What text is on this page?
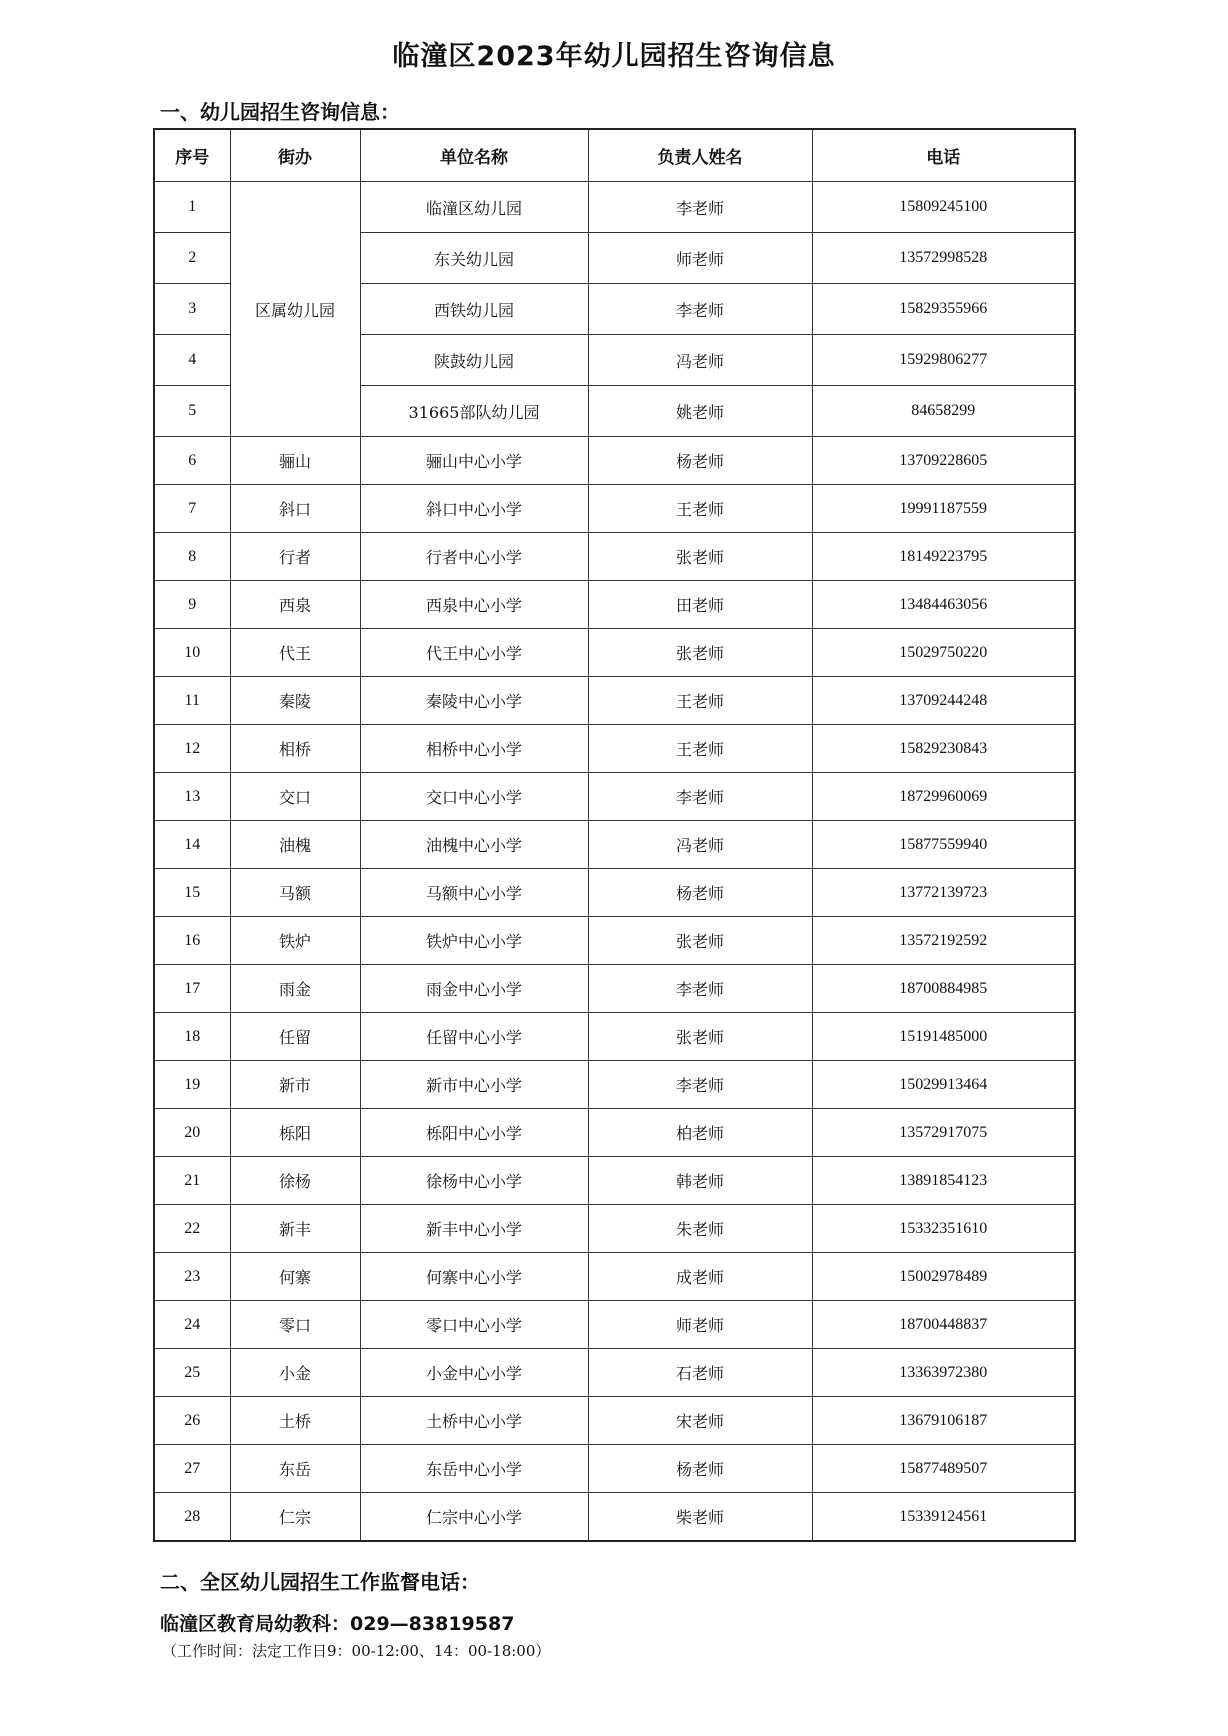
临潼区2023年幼儿园招生咨询信息
一、幼儿园招生咨询信息：
序号	街办	单位名称	负责人姓名	电话
1	区属幼儿园	临潼区幼儿园	李老师	15809245100
2		东关幼儿园	师老师	13572998528
3		西铁幼儿园	李老师	15829355966
4		陕鼓幼儿园	冯老师	15929806277
5		31665部队幼儿园	姚老师	84658299
6	骊山	骊山中心小学	杨老师	13709228605
7	斜口	斜口中心小学	王老师	19991187559
8	行者	行者中心小学	张老师	18149223795
9	西泉	西泉中心小学	田老师	13484463056
10	代王	代王中心小学	张老师	15029750220
11	秦陵	秦陵中心小学	王老师	13709244248
12	相桥	相桥中心小学	王老师	15829230843
13	交口	交口中心小学	李老师	18729960069
14	油槐	油槐中心小学	冯老师	15877559940
15	马额	马额中心小学	杨老师	13772139723
16	铁炉	铁炉中心小学	张老师	13572192592
17	雨金	雨金中心小学	李老师	18700884985
18	任留	任留中心小学	张老师	15191485000
19	新市	新市中心小学	李老师	15029913464
20	栎阳	栎阳中心小学	柏老师	13572917075
21	徐杨	徐杨中心小学	韩老师	13891854123
22	新丰	新丰中心小学	朱老师	15332351610
23	何寨	何寨中心小学	成老师	15002978489
24	零口	零口中心小学	师老师	18700448837
25	小金	小金中心小学	石老师	13363972380
26	土桥	土桥中心小学	宋老师	13679106187
27	东岳	东岳中心小学	杨老师	15877489507
28	仁宗	仁宗中心小学	柴老师	15339124561
二、全区幼儿园招生工作监督电话：
临潼区教育局幼教科：029—83819587
（工作时间：法定工作日9：00-12:00、14：00-18:00）
